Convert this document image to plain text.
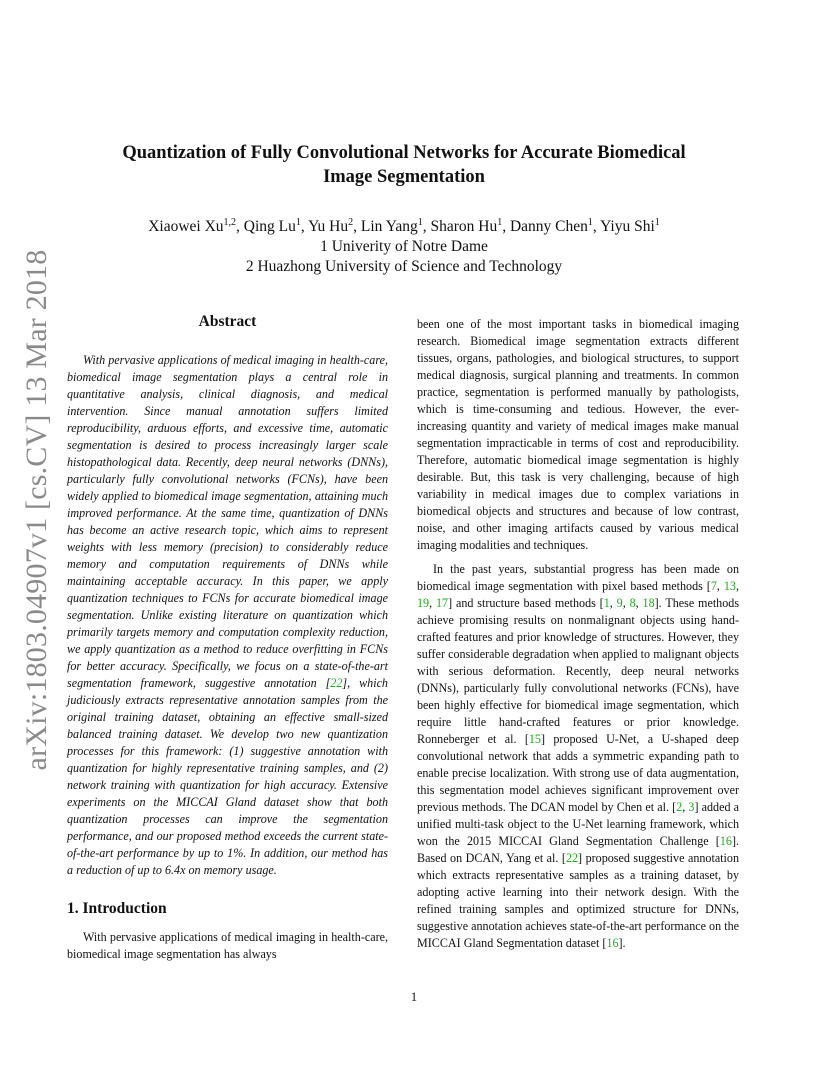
arXiv:1803.04907v1 [cs.CV] 13 Mar 2018
Quantization of Fully Convolutional Networks for Accurate Biomedical
Image Segmentation
Xiaowei Xu$^{1,2}$, Qing Lu$^1$, Yu Hu$^2$, Lin Yang$^1$, Sharon Hu$^1$, Danny Chen$^1$, Yiyu Shi$^1$
1 Univerity of Notre Dame
2 Huazhong University of Science and Technology
Abstract

With pervasive applications of medical imaging in health-care, biomedical image segmentation plays a central role in quantitative analysis, clinical diagnosis, and medical intervention. Since manual annotation suffers limited reproducibility, arduous efforts, and excessive time, automatic segmentation is desired to process increasingly larger scale histopathological data. Recently, deep neural networks (DNNs), particularly fully convolutional networks (FCNs), have been widely applied to biomedical image segmentation, attaining much improved performance. At the same time, quantization of DNNs has become an active research topic, which aims to represent weights with less memory (precision) to considerably reduce memory and computation requirements of DNNs while maintaining acceptable accuracy. In this paper, we apply quantization techniques to FCNs for accurate biomedical image segmentation. Unlike existing literature on quantization which primarily targets memory and computation complexity reduction, we apply quantization as a method to reduce overfitting in FCNs for better accuracy. Specifically, we focus on a state-of-the-art segmentation framework, suggestive annotation [22], which judiciously extracts representative annotation samples from the original training dataset, obtaining an effective small-sized balanced training dataset. We develop two new quantization processes for this framework: (1) suggestive annotation with quantization for highly representative training samples, and (2) network training with quantization for high accuracy. Extensive experiments on the MICCAI Gland dataset show that both quantization processes can improve the segmentation performance, and our proposed method exceeds the current state-of-the-art performance by up to 1%. In addition, our method has a reduction of up to 6.4x on memory usage.

1. Introduction

With pervasive applications of medical imaging in health-care, biomedical image segmentation has always

been one of the most important tasks in biomedical imaging research. Biomedical image segmentation extracts different tissues, organs, pathologies, and biological structures, to support medical diagnosis, surgical planning and treatments. In common practice, segmentation is performed manually by pathologists, which is time-consuming and tedious. However, the ever-increasing quantity and variety of medical images make manual segmentation impracticable in terms of cost and reproducibility. Therefore, automatic biomedical image segmentation is highly desirable. But, this task is very challenging, because of high variability in medical images due to complex variations in biomedical objects and structures and because of low contrast, noise, and other imaging artifacts caused by various medical imaging modalities and techniques.

In the past years, substantial progress has been made on biomedical image segmentation with pixel based methods [7, 13, 19, 17] and structure based methods [1, 9, 8, 18]. These methods achieve promising results on nonmalignant objects using hand-crafted features and prior knowledge of structures. However, they suffer considerable degradation when applied to malignant objects with serious deformation. Recently, deep neural networks (DNNs), particularly fully convolutional networks (FCNs), have been highly effective for biomedical image segmentation, which require little hand-crafted features or prior knowledge. Ronneberger et al. [15] proposed U-Net, a U-shaped deep convolutional network that adds a symmetric expanding path to enable precise localization. With strong use of data augmentation, this segmentation model achieves significant improvement over previous methods. The DCAN model by Chen et al. [2, 3] added a unified multi-task object to the U-Net learning framework, which won the 2015 MICCAI Gland Segmentation Challenge [16]. Based on DCAN, Yang et al. [22] proposed suggestive annotation which extracts representative samples as a training dataset, by adopting active learning into their network design. With the refined training samples and optimized structure for DNNs, suggestive annotation achieves state-of-the-art performance on the MICCAI Gland Segmentation dataset [16].

1
